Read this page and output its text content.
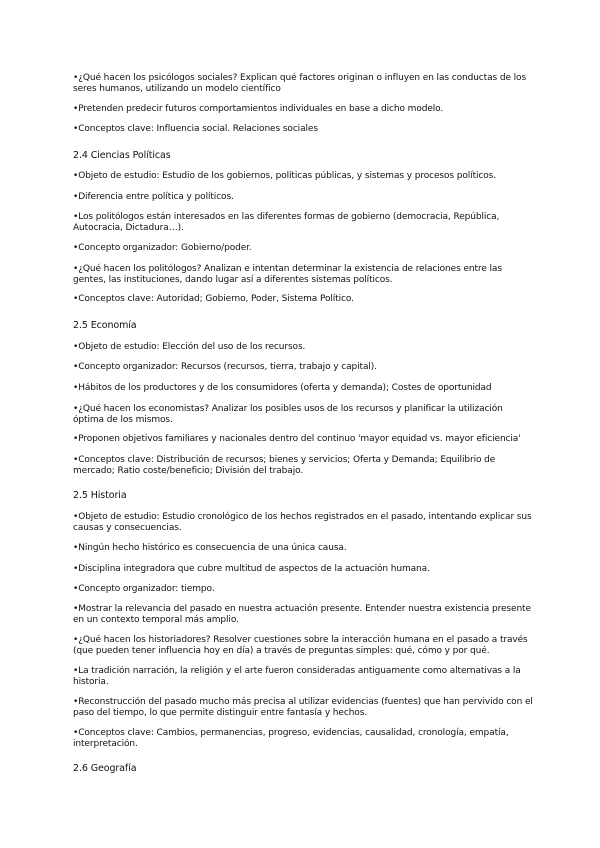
•¿Qué hacen los psicólogos sociales? Explican qué factores originan o influyen en las conductas de los seres humanos, utilizando un modelo científico
•Pretenden predecir futuros comportamientos individuales en base a dicho modelo.
•Conceptos clave: Influencia social. Relaciones sociales
2.4 Ciencias Políticas
•Objeto de estudio: Estudio de los gobiernos, políticas públicas, y sistemas y procesos políticos.
•Diferencia entre política y políticos.
•Los politólogos están interesados en las diferentes formas de gobierno (democracia, República, Autocracia, Dictadura…).
•Concepto organizador: Gobierno/poder.
•¿Qué hacen los politólogos? Analizan e intentan determinar la existencia de relaciones entre las gentes, las instituciones, dando lugar así a diferentes sistemas políticos.
•Conceptos clave: Autoridad; Gobierno, Poder, Sistema Político.
2.5 Economía
•Objeto de estudio: Elección del uso de los recursos.
•Concepto organizador: Recursos (recursos, tierra, trabajo y capital).
•Hábitos de los productores y de los consumidores (oferta y demanda); Costes de oportunidad
•¿Qué hacen los economistas? Analizar los posibles usos de los recursos y planificar la utilización óptima de los mismos.
•Proponen objetivos familiares y nacionales dentro del continuo 'mayor equidad vs. mayor eficiencia'
•Conceptos clave: Distribución de recursos; bienes y servicios; Oferta y Demanda; Equilibrio de mercado; Ratio coste/beneficio; División del trabajo.
2.5 Historia
•Objeto de estudio: Estudio cronológico de los hechos registrados en el pasado, intentando explicar sus causas y consecuencias.
•Ningún hecho histórico es consecuencia de una única causa.
•Disciplina integradora que cubre multitud de aspectos de la actuación humana.
•Concepto organizador: tiempo.
•Mostrar la relevancia del pasado en nuestra actuación presente. Entender nuestra existencia presente en un contexto temporal más amplio.
•¿Qué hacen los historiadores? Resolver cuestiones sobre la interacción humana en el pasado a través (que pueden tener influencia hoy en día) a través de preguntas simples: qué, cómo y por qué.
•La tradición narración, la religión y el arte fueron consideradas antiguamente como alternativas a la historia.
•Reconstrucción del pasado mucho más precisa al utilizar evidencias (fuentes) que han pervivido con el paso del tiempo, lo que permite distinguir entre fantasía y hechos.
•Conceptos clave: Cambios, permanencias, progreso, evidencias, causalidad, cronología, empatía, interpretación.
2.6 Geografía
